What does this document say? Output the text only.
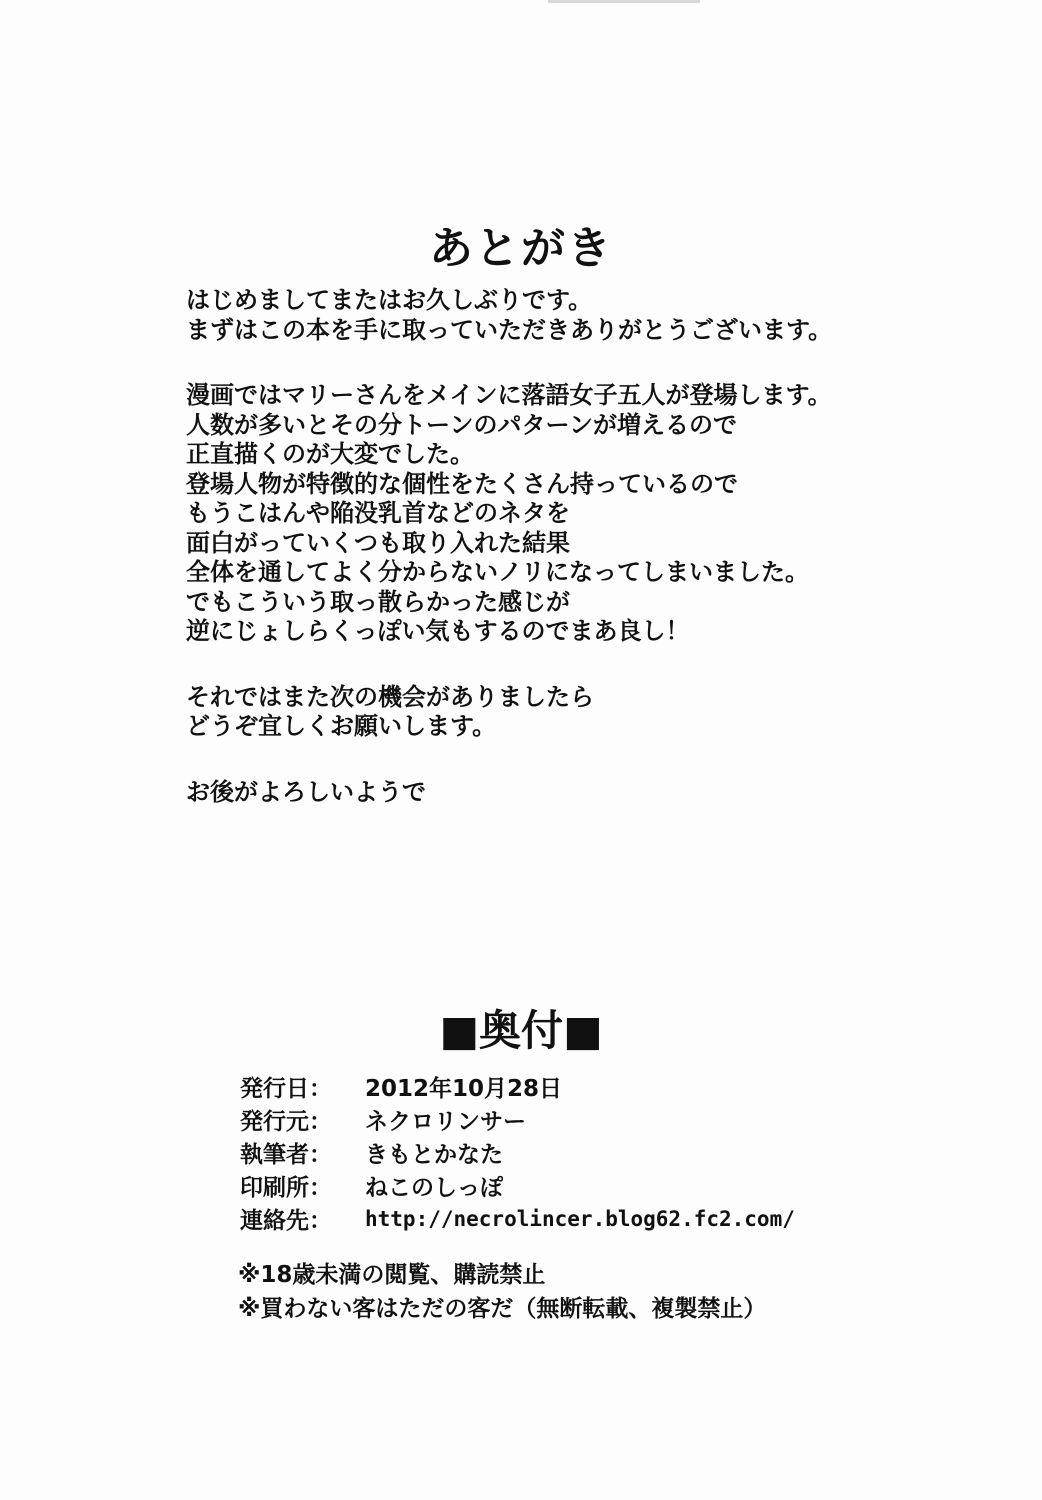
あとがき
はじめましてまたはお久しぶりです。
まずはこの本を手に取っていただきありがとうございます。
漫画ではマリーさんをメインに落語女子五人が登場します。
人数が多いとその分トーンのパターンが増えるので
正直描くのが大変でした。
登場人物が特徴的な個性をたくさん持っているので
もうこはんや陥没乳首などのネタを
面白がっていくつも取り入れた結果
全体を通してよく分からないノリになってしまいました。
でもこういう取っ散らかった感じが
逆にじょしらくっぽい気もするのでまあ良し！
それではまた次の機会がありましたら
どうぞ宜しくお願いします。
お後がよろしいようで
■奥付■
発行日：	2012年10月28日
発行元：	ネクロリンサー
執筆者：	きもとかなた
印刷所：	ねこのしっぽ
連絡先：	http://necrolincer.blog62.fc2.com/
※18歳未満の閲覧、購読禁止
※買わない客はただの客だ（無断転載、複製禁止）
